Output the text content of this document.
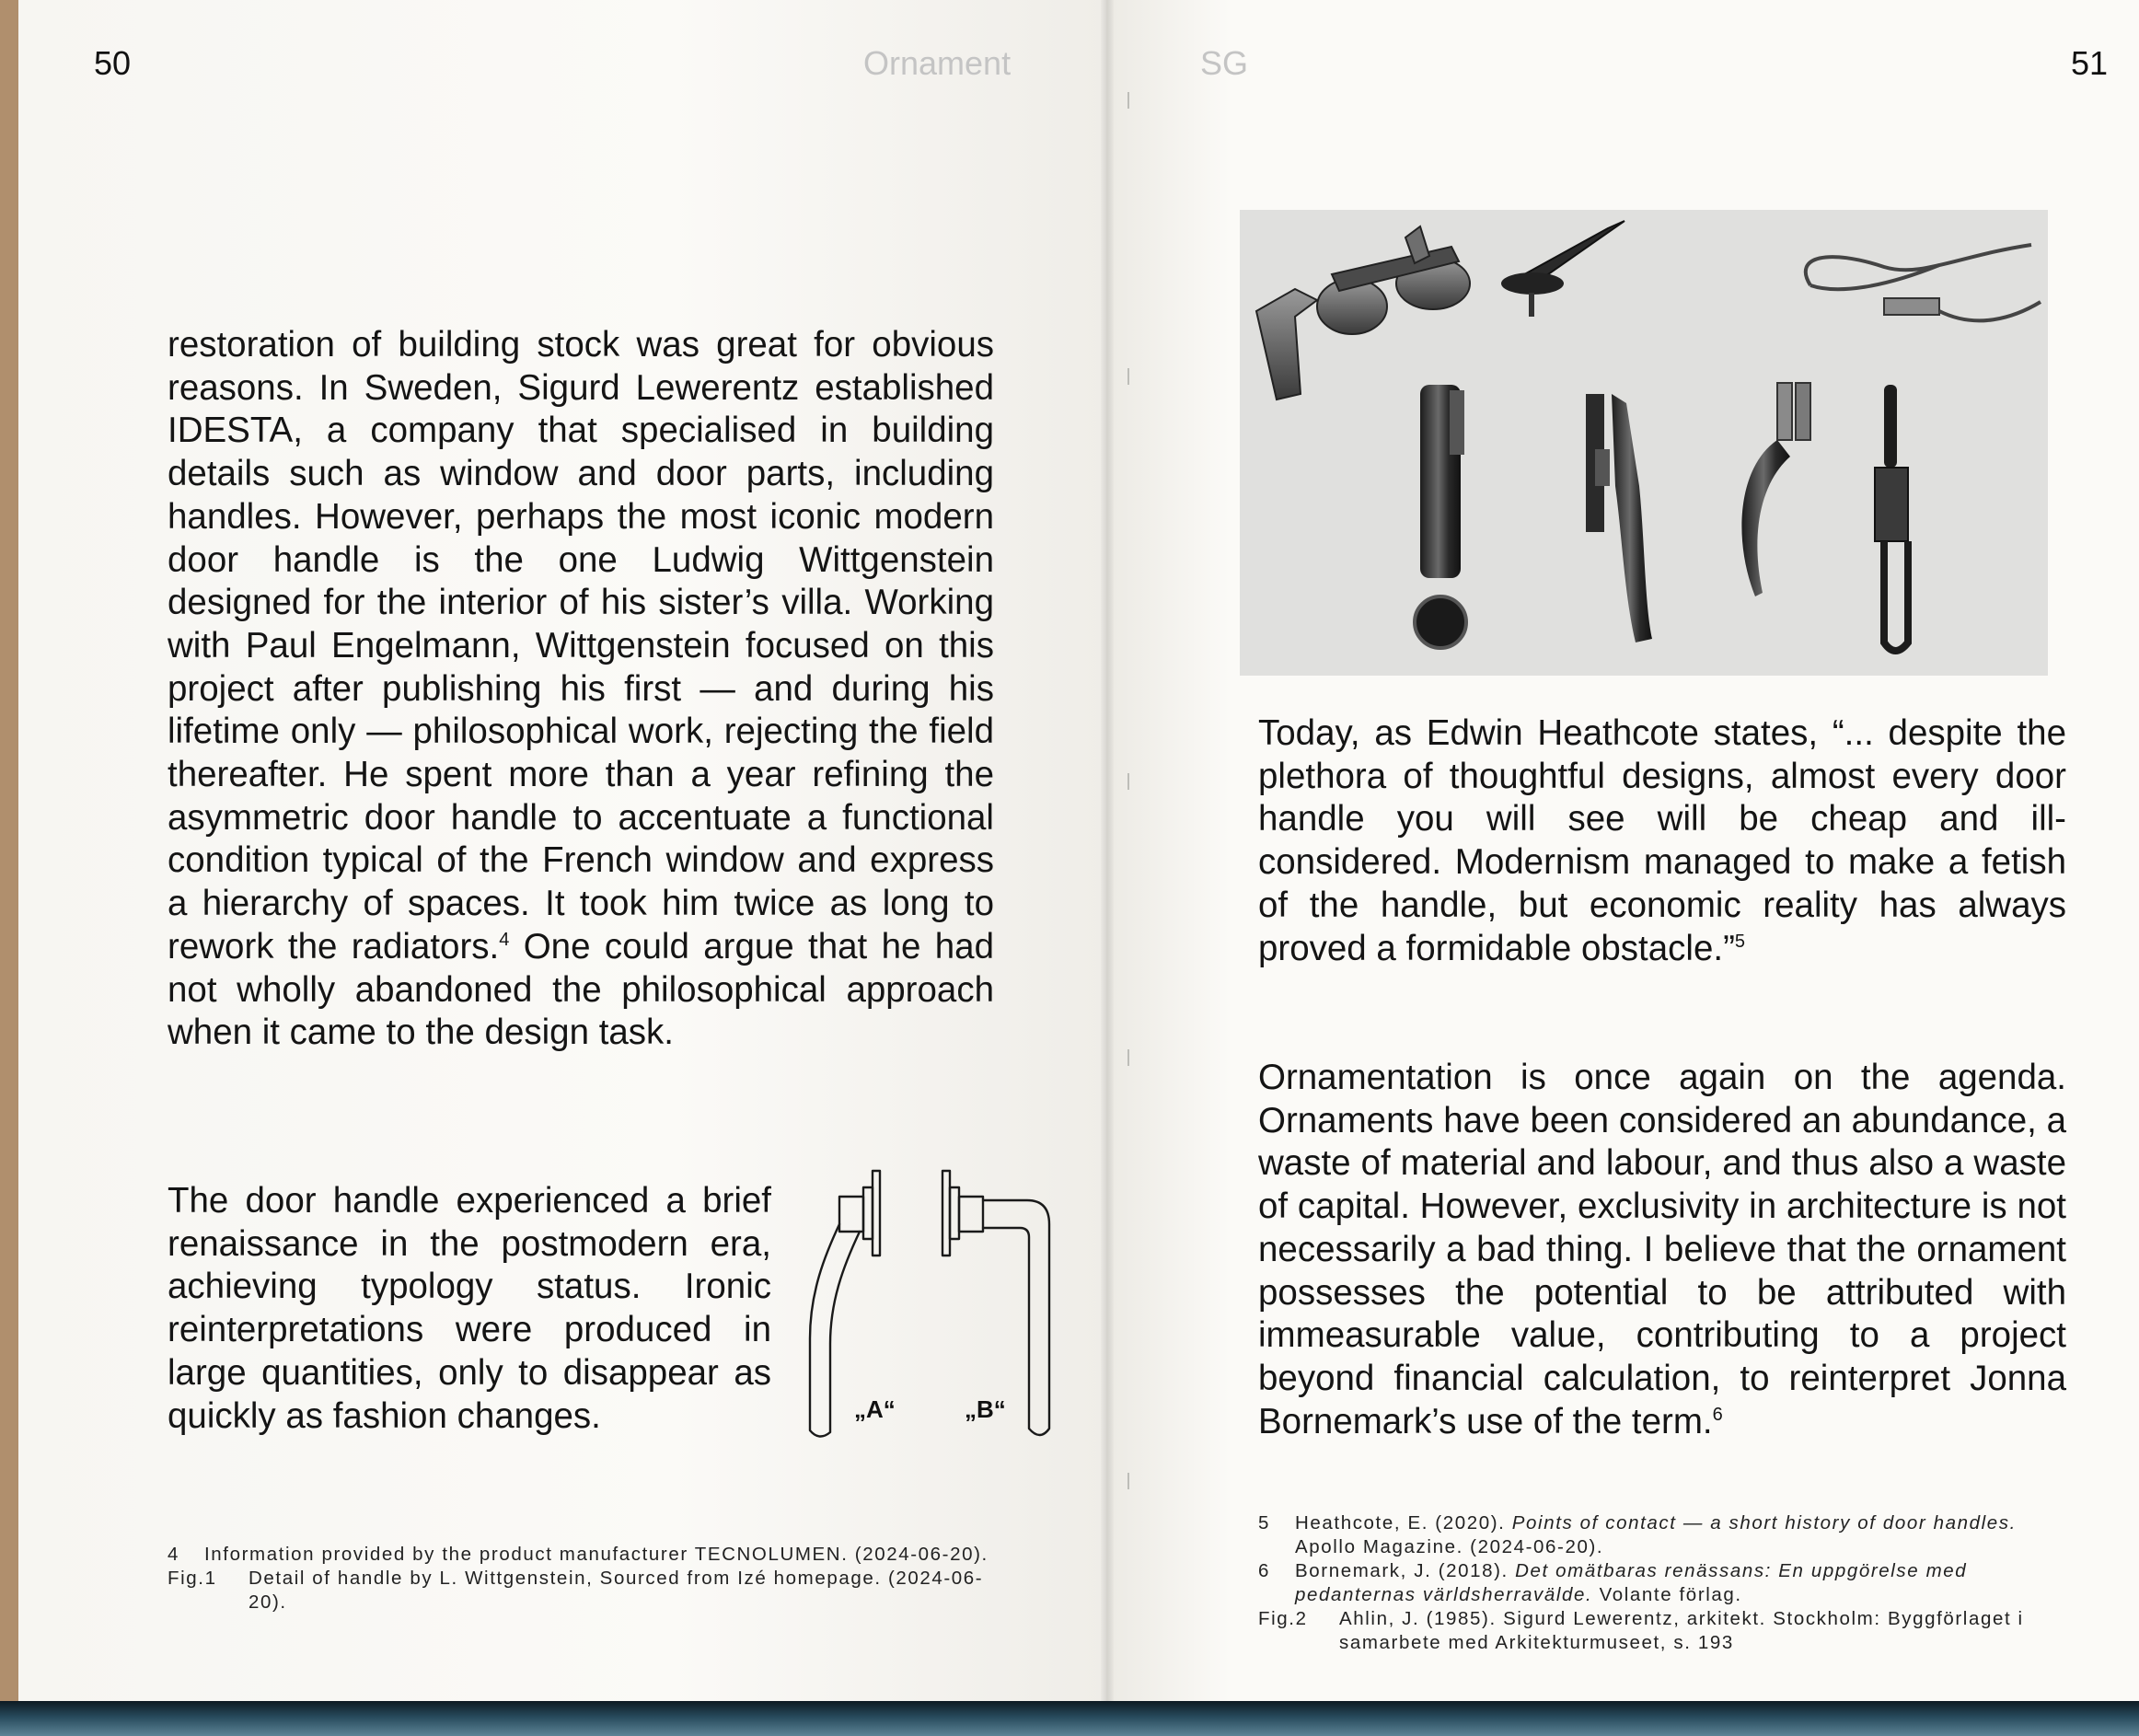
50	Ornament

restoration of building stock was great for obvious reasons. In Sweden, Sigurd Lewerentz established IDESTA, a company that specialised in building details such as window and door parts, including handles. However, perhaps the most iconic modern door handle is the one Ludwig Wittgenstein designed for the interior of his sister’s villa. Working with Paul Engelmann, Wittgenstein focused on this project after publishing his first — and during his lifetime only — philosophical work, rejecting the field thereafter. He spent more than a year refining the asymmetric door handle to accentuate a functional condition typical of the French window and express a hierarchy of spaces. It took him twice as long to rework the radiators.$^4$ One could argue that he had not wholly abandoned the philosophical approach when it came to the design task.

The door handle experienced a brief renaissance in the postmodern era, achieving typology status. Ironic reinterpretations were produced in large quantities, only to disappear as quickly as fashion changes.	„A“	„B“
4 Information provided by the product manufacturer TECNOLUMEN. (2024-06-20).
Fig.1 Detail of handle by L. Wittgenstein, Sourced from Izé homepage. (2024-06-20).
SG	51

Today, as Edwin Heathcote states, “... despite the plethora of thoughtful designs, almost every door handle you will see will be cheap and ill-considered. Modernism managed to make a fetish of the handle, but economic reality has always proved a formidable obstacle.”$^5$

Ornamentation is once again on the agenda. Ornaments have been considered an abundance, a waste of material and labour, and thus also a waste of capital. However, exclusivity in architecture is not necessarily a bad thing. I believe that the ornament possesses the potential to be attributed with immeasurable value, contributing to a project beyond financial calculation, to reinterpret Jonna Bornemark’s use of the term.$^6$

5 Heathcote, E. (2020). Points of contact — a short history of door handles. Apollo Magazine. (2024-06-20).
6 Bornemark, J. (2018). Det omätbaras renässans: En uppgörelse med pedanternas världsherravälde. Volante förlag.
Fig.2 Ahlin, J. (1985). Sigurd Lewerentz, arkitekt. Stockholm: Byggförlaget i samarbete med Arkitekturmuseet, s. 193
